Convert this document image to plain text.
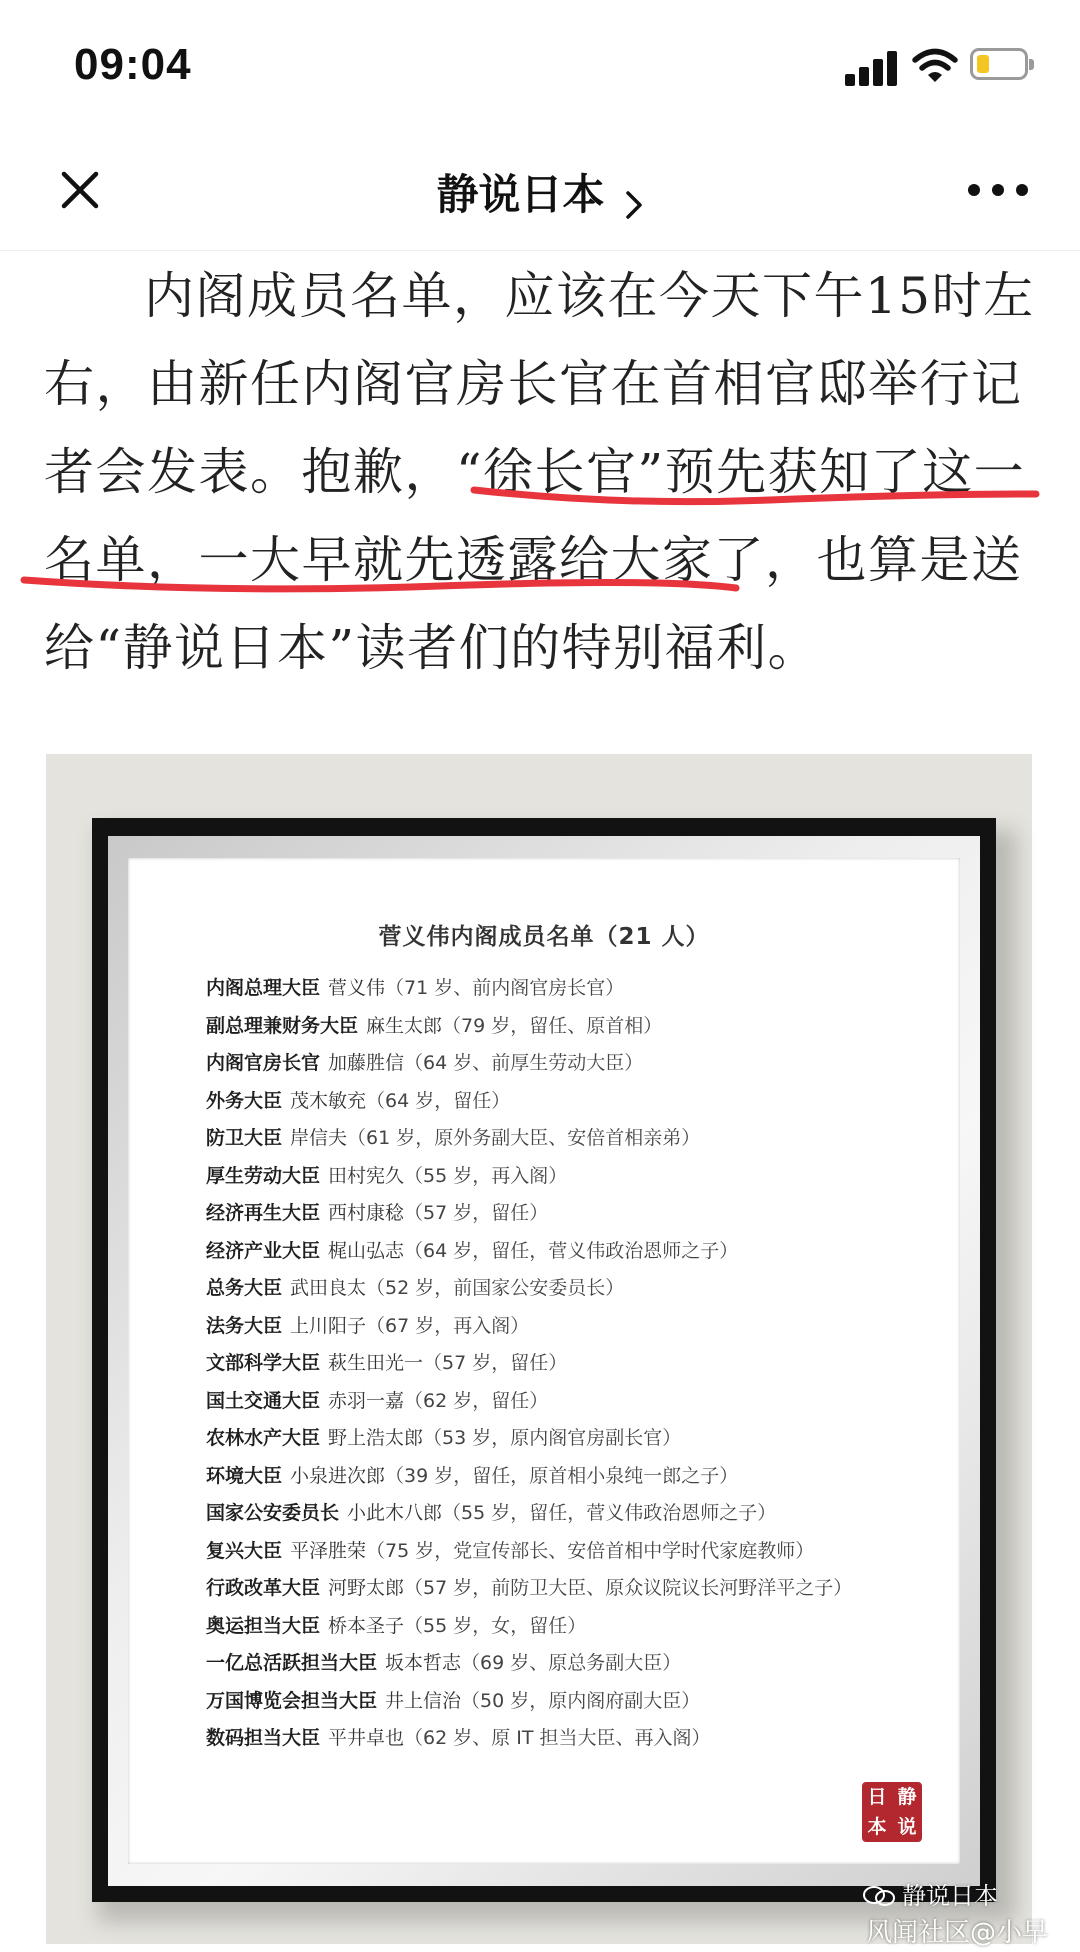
09:04
静说日本

内阁成员名单，应该在今天下午15时左右，由新任内阁官房长官在首相官邸举行记者会发表。抱歉，“徐长官”预先获知了这一名单，一大早就先透露给大家了，也算是送给“静说日本”读者们的特别福利。

菅义伟内阁成员名单（21 人）
内阁总理大臣 菅义伟（71 岁、前内阁官房长官）
副总理兼财务大臣 麻生太郎（79 岁，留任、原首相）
内阁官房长官 加藤胜信（64 岁、前厚生劳动大臣）
外务大臣 茂木敏充（64 岁，留任）
防卫大臣 岸信夫（61 岁，原外务副大臣、安倍首相亲弟）
厚生劳动大臣 田村宪久（55 岁，再入阁）
经济再生大臣 西村康稔（57 岁，留任）
经济产业大臣 梶山弘志（64 岁，留任，菅义伟政治恩师之子）
总务大臣 武田良太（52 岁，前国家公安委员长）
法务大臣 上川阳子（67 岁，再入阁）
文部科学大臣 萩生田光一（57 岁，留任）
国土交通大臣 赤羽一嘉（62 岁，留任）
农林水产大臣 野上浩太郎（53 岁，原内阁官房副长官）
环境大臣 小泉进次郎（39 岁，留任，原首相小泉纯一郎之子）
国家公安委员长 小此木八郎（55 岁，留任，菅义伟政治恩师之子）
复兴大臣 平泽胜荣（75 岁，党宣传部长、安倍首相中学时代家庭教师）
行政改革大臣 河野太郎（57 岁，前防卫大臣、原众议院议长河野洋平之子）
奥运担当大臣 桥本圣子（55 岁，女，留任）
一亿总活跃担当大臣 坂本哲志（69 岁、原总务副大臣）
万国博览会担当大臣 井上信治（50 岁，原内阁府副大臣）
数码担当大臣 平井卓也（62 岁、原 IT 担当大臣、再入阁）
日 静
本 说
静说日本
风闻社区@小早
